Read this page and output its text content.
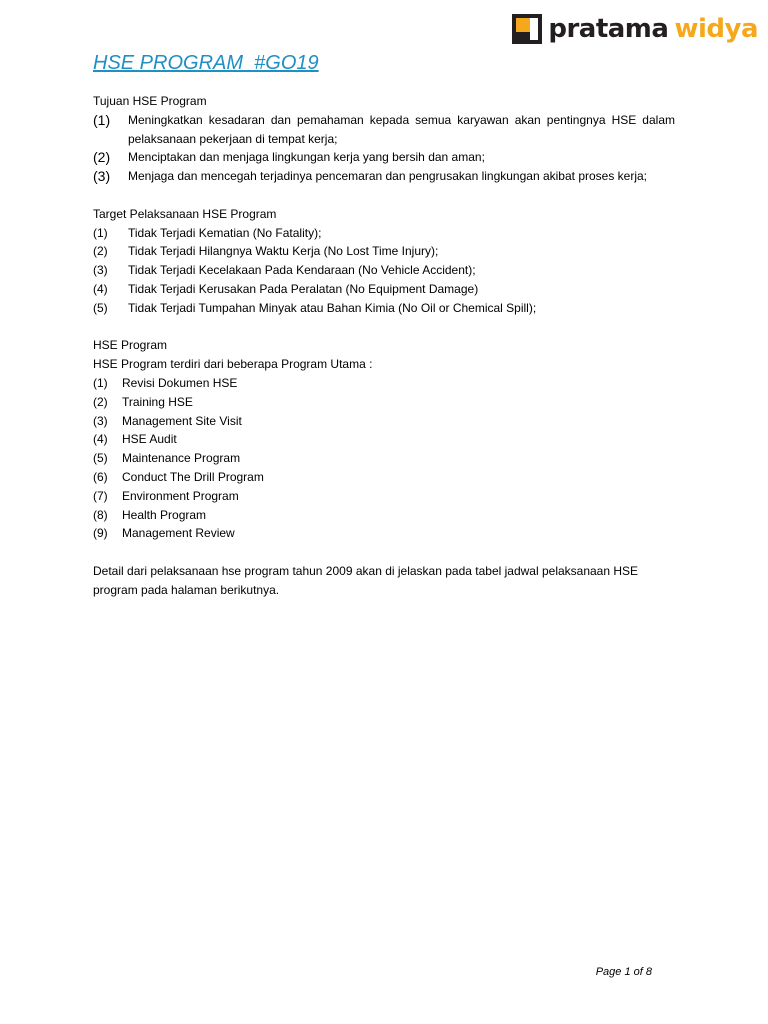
pratama widya
HSE PROGRAM  #GO19
Tujuan HSE Program
(1)	Meningkatkan kesadaran dan pemahaman kepada semua karyawan akan pentingnya HSE dalam pelaksanaan pekerjaan di tempat kerja;
(2)	Menciptakan dan menjaga lingkungan kerja yang bersih dan aman;
(3)	Menjaga dan mencegah terjadinya pencemaran dan pengrusakan lingkungan akibat proses kerja;
Target Pelaksanaan HSE Program
(1)	Tidak Terjadi Kematian (No Fatality);
(2)	Tidak Terjadi Hilangnya Waktu Kerja (No Lost Time Injury);
(3)	Tidak Terjadi Kecelakaan Pada Kendaraan (No Vehicle Accident);
(4)	Tidak Terjadi Kerusakan Pada Peralatan (No Equipment Damage)
(5)	Tidak Terjadi Tumpahan Minyak atau Bahan Kimia (No Oil or Chemical Spill);
HSE Program

HSE Program terdiri dari beberapa Program Utama :

(1)	Revisi Dokumen HSE
(2)	Training HSE
(3)	Management Site Visit
(4)	HSE Audit
(5)	Maintenance Program
(6)	Conduct The Drill Program
(7)	Environment Program
(8)	Health Program
(9)	Management Review

Detail dari pelaksanaan hse program tahun 2009 akan di jelaskan pada tabel jadwal pelaksanaan HSE program pada halaman berikutnya.

Page 1 of 8
